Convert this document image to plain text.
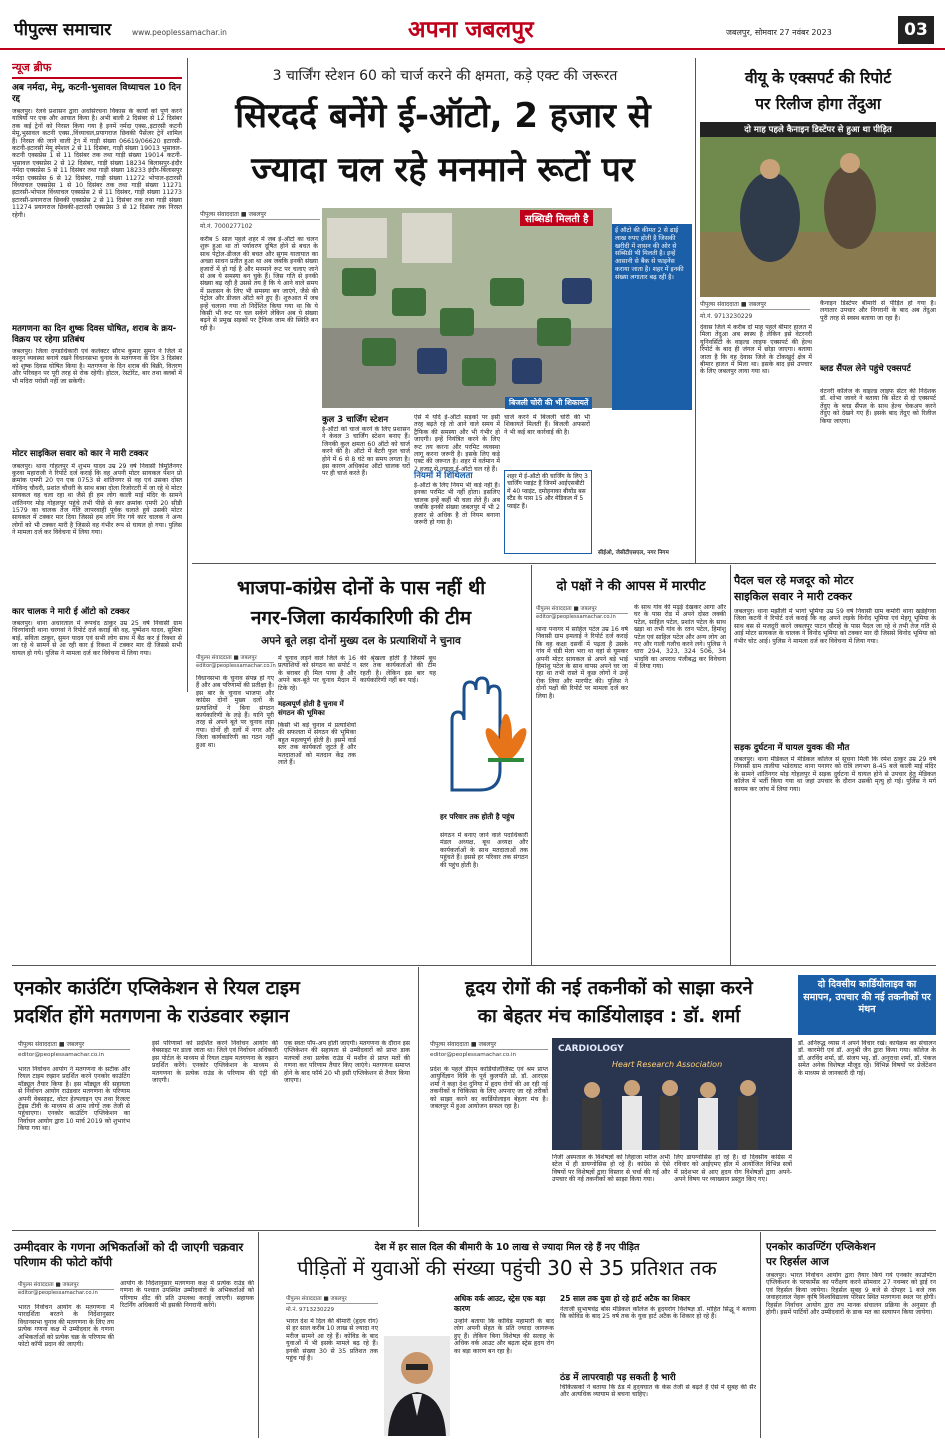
पीपुल्स समाचार	www.peoplessamachar.in	अपना जबलपुर	जबलपुर, सोमवार 27 नवंबर 2023	03
न्यूज ब्रीफ
अब नर्मदा, मेमू, कटनी-भुसावल विध्याचल 10 दिन रद्द
जबलपुर। रेलवे प्रशासन द्वारा अधोसंरचना विकास के कार्यों को पूर्ण करने यात्रियों पर एक और आघात किया है। अभी बाली 2 दिसंबर से 12 दिसंबर तक कई ट्रेनों को निरस्त किया गया है इनमें नर्मदा एक्स.,इटारसी कटनी मेमू,भुसावल कटनी एक्स.,विंध्याचल,प्रयागराज छिवकी पैसेंजर ट्रेनें शामिल हैं। निरस्त की जाने वाली ट्रेन में गाड़ी संख्या 06619/06620 इटारसी-कटनी-इटारसी मेमू स्पेशल 2 से 11 दिसंबर, गाड़ी संख्या 19013 भुसावल-कटनी एक्सप्रेस 1 से 11 दिसंबर तक तथा गाड़ी संख्या 19014 कटनी-भुसावल एक्सप्रेस 2 से 12 दिसंबर, गाड़ी संख्या 18234 बिलासपुर-इंदौर नर्मदा एक्सप्रेस 5 से 11 दिसंबर तथा गाड़ी संख्या 18233 इंदौर-बिलासपुर नर्मदा एक्सप्रेस 6 से 12 दिसंबर, गाड़ी संख्या 11272 भोपाल-इटारसी विंध्याचल एक्सप्रेस 1 से 10 दिसंबर तक तथा गाड़ी संख्या 11271 इटारसी-भोपाल विंध्याचल एक्सप्रेस 2 से 11 दिसंबर, गाड़ी संख्या 11273 इटारसी-प्रयागराज छिवकी एक्सप्रेस 2 से 11 दिसंबर तक तथा गाड़ी संख्या 11274 प्रयागराज छिवकी-इटारसी एक्सप्रेस 3 से 12 दिसंबर तक निरस्त रहेगी।
मतगणना का दिन शुष्क दिवस घोषित, शराब के क्रय-विक्रय पर रहेगा प्रतिबंध
जबलपुर। जिला दण्डाधिकारी एवं कलेक्टर सौरभ कुमार सुमन ने जिले में कानून व्यवस्था बनाये रखने विधानसभा चुनाव के मतगणना के दिन 3 दिसंबर को शुष्क दिवस घोषित किया है। मतगणना के दिन शराब की बिक्री, वितरण और परिवहन पर पूरी तरह से रोक रहेगी। होटल, रेस्टोरेंट, बार तथा क्लबों में भी मदिरा परोसी नहीं जा सकेगी।
मोटर साइकिल सवार को कार ने मारी टक्कर
जबलपुर। थाना गोहलपुर में शुभम यादव उम्र 29 वर्ष निवासी त्रिमूर्तिनगर कुरवा महाराजी ने रिपोर्ट दर्ज कराई कि वह अपनी मोटर सायकल पेशन प्रो क्रमांक एमपी 20 एन एक 0753 से शांतिनगर से वह एवं उसका दोस्त गोविन्द चौधरी, प्रशांत चौधरी के साथ बाबा दोला रिजोरटरी में जा रहे थे मोटर सायकल वह चला रहा था जैसे ही हम लोग काली माई मंदिर के सामने शांतिनगर मोड़ गोहलपुर पहुंचे तभी पीछे से कार क्रमांक एमपी 20 सीडी 1579 का चालक तेज गति लापरवाही पूर्वक चलाते हुये उसकी मोटर सायकल में टक्कर मार दिया जिससे हम लोग गिर गये कार चालक ने अन्य लोगों को भी टक्कर मारी है जिससे वह गंभीर रूप से घायल हो गया। पुलिस ने मामला दर्ज कर विवेचना में लिया गया।
कार चालक ने मारी ई ऑटो को टक्कर
जबलपुर। थाना अधारताल में रूपचंद ठाकुर उम्र 25 वर्ष निवासी ग्राम चिरगांवादी थाना चरगवां ने रिपोर्ट दर्ज कराई की वह, पुष्पेंशन यादव, सुमित्रा बाई, सविता ठाकुर, सुमन यादव एवं सभी लोग साथ में बैठ कर ई रिक्शा से जा रहे थे सामने से आ रही कार ई रिक्शा में टक्कर मार दी जिससे सभी घायल हो गये। पुलिस ने मामला दर्ज कर विवेचना में लिया गया।
3 चार्जिंग स्टेशन 60 को चार्ज करने की क्षमता, कड़े एक्ट की जरूरत
सिरदर्द बनेंगे ई-ऑटो, 2 हजार से
ज्यादा चल रहे मनमाने रूटों पर
पीपुल्स संवाददाता ■ जबलपुर
मो.नं. 7000277102
करीब 5 साल पहले शहर में जब ई-ऑटो का चलन शुरू हुआ था तो पर्यावरण दूषित होने से बचत के साथ पेट्रोल-डीजल की बचत और सुगम यातायात का अच्छा साधन प्रतीत हुआ था अब जबकि इनकी संख्या हजारों में हो गई है और मनमाने रूट पर चलाए जाने से अब ये समस्या बन चुके हैं। जिस गति से इनकी संख्या बढ़ रही है उससे तय है कि ये आने वाले समय में प्रशासन के लिए भी समस्या बन जाएंगे, जैसे की पेट्रोल और डीजल ऑटो बने हुए हैं। शुरुआत में जब इन्हें चलाना गया तो निर्देशित किया गया था कि ये किसी भी रूट पर चल सकेंगे लेकिन अब ये संख्या बढ़ने से प्रमुख सड़कों पर ट्रैफिक जाम की स्थिति बन रही है।
सब्सिडी मिलती है
ई ऑटो की कीमत 2 से ढाई लाख रुपए होती है जिसकी खरीदी में शासन की ओर से सब्सिडी भी मिलती है। इन्हें आसानी से बैंक से फाइनेंस कराया जाता है। शहर में इनकी संख्या लगातार बढ़ रही है।
बिजली चोरी की भी शिकायतें
कुल 3 चार्जिंग स्टेशन
ई-ऑटो को चार्ज करने के लिए प्रशासन ने केवल 3 चार्जिंग स्टेशन बनाए हैं। जिनकी कुल क्षमता 60 ऑटो को चार्ज करने की है। ऑटो में बैटरी फुल चार्ज होने में 6 से 8 घंटे का समय लगता है। इस कारण अधिकांश ऑटो चालक घरों पर ही चार्ज करते हैं।
ऐसे में यदि ई-ऑटो सड़कों पर इसी तरह बढ़ते रहे तो आने वाले समय में ट्रैफिक की समस्या और भी गंभीर हो जाएगी। इन्हें नियंत्रित करने के लिए रूट तय करना और परमिट व्यवस्था लागू करना जरूरी है। इसके लिए कड़े एक्ट की जरूरत है। शहर में वर्तमान में 2 हजार से ज्यादा ई-ऑटो चल रहे हैं।
चार्ज करने में बिजली चोरी की भी शिकायतें मिलती हैं। बिजली अफसरों ने भी कई बार कार्रवाई की है।
नियमों में शिथिलता
ई-ऑटो के लिए नियम भी कड़े नहीं हैं। इनका परमिट भी नहीं होता। इसलिए चालक इन्हें कहीं भी चला लेते हैं। अब जबकि इनकी संख्या जबलपुर में भी 2 हजार से अधिक है तो नियम बनाना जरूरी हो गया है।
शहर में ई-ऑटो की चार्जिंग के लिए 3 चार्जिंग प्वाइंट हैं जिनमें आईएसबीटी में 40 प्वाइंट, दमोहनाका बीयोंड बस स्टैंड के पास 15 और मेडिकल में 5 प्वाइंट हैं।
सीईओ, जेसीटीएसएल, नगर निगम
वीयू के एक्सपर्ट की रिपोर्ट
पर रिलीज होगा तेंदुआ
दो माह पहले कैनाइन डिस्टेंपर से हुआ था पीड़ित
पीपुल्स संवाददाता ■ जबलपुर
मो.नं. 9713230229
देवास जिले में करीब दो माह पहले बीमार हालत में मिला तेंदुआ अब स्वस्थ है लेकिन इसे वेटरनरी यूनिवर्सिटी के वाइल्ड लाइफ एक्सपर्ट की हेल्थ रिपोर्ट के बाद ही जंगल में छोड़ा जाएगा। बताया जाता है कि वह देवास जिले के टोंकखुर्द क्षेत्र में बीमार हालत में मिला था। इसके बाद इसे उपचार के लिए जबलपुर लाया गया था।
कैनाइन डिस्टेंपर बीमारी से पीड़ित हो गया है। लगातार उपचार और निगरानी के बाद अब तेंदुआ पूरी तरह से स्वस्थ बताया जा रहा है।
ब्लड सैंपल लेने पहुंचे एक्सपर्ट
वेटनरी कॉलेज के वाइल्ड लाइफ सेंटर की निदेशक डॉ. शोभा जावरे ने बताया कि सेंटर से दो एक्सपर्ट तेंदुए के ब्लड सैंपल के साथ हेल्थ चेकअप करने तेंदुए को देखने गए हैं। इसके बाद तेंदुए को रिलीज किया जाएगा।
भाजपा-कांग्रेस दोनों के पास नहीं थी
नगर-जिला कार्यकारिणी की टीम
अपने बूते लड़ा दोनों मुख्य दल के प्रत्याशियों ने चुनाव
पीपुल्स संवाददाता ■ जबलपुर
editor@peoplessamachar.co.in
विधानसभा के चुनाव संपन्न हो गए हैं और अब परिणामों की प्रतीक्षा है। इस बार के चुनाव भाजपा और कांग्रेस दोनों मुख्य दलों के प्रत्याशियों ने बिना संगठन कार्यकारिणी के लड़े हैं। यानि पूरी तरह से अपने बूते पर चुनाव लड़ा गया। दोनों ही दलों में नगर और जिला कार्यकारिणी का गठन नहीं हुआ था।
में चुनाव लड़ने वाले जिले के 16 प्रत्याशियों को संगठन का सपोर्ट न के बराबर ही मिल पाया है और अपने बल-बूते पर चुनाव मैदान में टिके रहे।
महत्वपूर्ण होती है चुनाव में संगठन की भूमिका
किसी भी बड़े चुनाव में प्रत्याशियों की सफलता में संगठन की भूमिका बहुत महत्वपूर्ण होती है। इसमें वार्ड स्तर तक कार्यकर्ता जुटते हैं और मतदाताओं को मतदान केंद्र तक लाते हैं।
की श्रृंखला होती है जिसमें बूथ स्तर तक कार्यकर्ताओं की टीम रहती है। लेकिन इस बार यह कार्यकारिणी नहीं बन पाई।
हर परिवार तक होती है पहुंच
संगठन में बनाए जाने वाले पदाधिकारी मंडल अध्यक्ष, बूथ अध्यक्ष और कार्यकर्ताओं के साथ मतदाताओं तक पहुंचते हैं। इससे हर परिवार तक संगठन की पहुंच होती है।
दो पक्षों ने की आपस में मारपीट
पीपुल्स संवाददाता ■ जबलपुर
editor@peoplessamachar.co.in
थाना पनागर में साहिल पटेल उम्र 16 वर्ष निवासी ग्राम इमलाई ने रिपोर्ट दर्ज कराई कि वह कक्षा दसवीं में पढ़ता है उसके गांव में चंडी मेला भरा था वहां से घूमकर अपनी मोटर सायकल से अपने बड़े भाई हिमांशु पटेल के साथ वापस अपने घर जा रहा था तभी रास्ते में कुछ लोगों ने उन्हें रोक लिया और मारपीट की। पुलिस ने दोनों पक्षों की रिपोर्ट पर मामला दर्ज कर लिया है।
के साथ गांव की मढ़ई देखकर आगा और घर के पास रोड में अपने दोस्त लक्की पटेल, साहिल पटेल, प्रशांत पटेल के साथ खड़ा था तभी गांव के रतन पटेल, हिमांशु पटेल एवं साहिल पटेल और अन्य लोग आ गए और गाली गलौच करने लगे। पुलिस ने धारा 294, 323, 324 506, 34 भादवि का अपराध पंजीबद्ध कर विवेचना में लिया गया।
पैदल चल रहे मजदूर को मोटर
साइकिल सवार ने मारी टक्कर
जबलपुर। थाना मझौली में भागो भूमिया उम्र 59 वर्ष निवासी ग्राम कमोरी थाना खडेहेंगवा जिला कटनी ने रिपोर्ट दर्ज कराई कि वह अपने लड़के विनोद भूमिया एवं मेहगू भूमिया के साथ बस से मजदूरी करने जबलपुर पाटन चौराहे के पास पैदल जा रहे थे तभी तेज गति से आई मोटर सायकल के चालक ने विनोद भूमिया को टक्कर मार दी जिससे विनोद भूमिया को गंभीर चोट आई। पुलिस ने मामला दर्ज कर विवेचना में लिया गया।
सड़क दुर्घटना में घायल युवक की मौत
जबलपुर। थाना मेडिकल में मेडिकल कॉलेज से सूचना मिली कि रमेश ठाकुर उम्र 29 वर्ष निवासी ग्राम तालीया भडेराघाट थाना पनागर को रात्रि लगभग 8-45 बजे काली माई मंदिर के सामने शांतिनगर मोड़ गोहलपुर में सड़क दुर्घटना में घायल होने से उपचार हेतु मेडिकल कॉलेज में भर्ती किया गया था जहां उपचार के दौरान उसकी मृत्यु हो गई। पुलिस ने मर्ग कायम कर जांच में लिया गया।
एनकोर काउंटिंग एप्लिकेशन से रियल टाइम
प्रदर्शित होंगे मतगणना के राउंडवार रुझान
पीपुल्स संवाददाता ■ जबलपुर
editor@peoplessamachar.co.in
भारत निर्वाचन आयोग ने मतगणना के सटीक और रियल टाइम रुझान प्रदर्शित करने एनकोर काउंटिंग मॉड्यूल तैयार किया है। इस मॉड्यूल की सहायता से निर्वाचन आयोग राउंडवार मतगणना के परिणाम अपनी वेबसाइट, वोटर हेल्पलाइन एप तथा रिजल्ट ट्रेंड्स टीवी के माध्यम से आम लोगों तक तेजी से पहुंचाएगा। एनकोर काउंटिंग एप्लिकेशन का निर्वाचन आयोग द्वारा 10 मार्च 2019 को शुभारंभ किया गया था।
इसे परिणामों को प्रदर्शित करने निर्वाचन आयोग की वेबसाइट पर डाला जाता था। जिले एवं निर्वाचन अधिकारी इस पोर्टल के माध्यम से रियल टाइम मतगणना के रुझान प्रदर्शित करेंगे। एनकोर एप्लिकेशन के माध्यम से मतगणना के प्रत्येक राउंड के परिणाम की एंट्री की जाएगी।
एक स्वतः पॉप-अप होती जाएगी। मतगणना के दौरान इस एप्लिकेशन की सहायता से उम्मीदवारों को प्राप्त डाक मतपत्रों तथा प्रत्येक राउंड में मशीन से प्राप्त मतों की गणना कर परिणाम तैयार किए जाएंगे। मतगणना समाप्त होने के बाद फॉर्म 20 भी इसी एप्लिकेशन से तैयार किया जाएगा।
हृदय रोगों की नई तकनीकों को साझा करने
का बेहतर मंच कार्डियोलाइव : डॉ. शर्मा
दो दिवसीय कार्डियोलाइव का समापन, उपचार की नई तकनीकों पर मंथन
पीपुल्स संवाददाता ■ जबलपुर
editor@peoplessamachar.co.in
CARDIOLOGY
Heart Research Association
प्रदेश के पहले डीएम कार्डियोलॉजिस्ट एवं श्रम प्राप्त आयुर्विज्ञान विवि के पूर्व कुलपति प्रो. डॉ. आरएस शर्मा ने कहा देश दुनिया में हृदय रोगों की आ रही नई तकनीकों व चिकित्सा के लिए अपनाए जा रहे तरीकों को साझा करने का कार्डियोलाइव बेहतर मंच है। जबलपुर में हुआ आयोजन सफल रहा है।
निजी अस्पताल के विशेषज्ञों को लिहाजा मरीज अभी स्टेज में ही डायग्नोसिस हो रहे हैं। कांग्रेस से ऐसे विषयों पर विशेषज्ञों द्वारा विस्तार से चर्चा की गई और उपचार की नई तकनीकों को साझा किया गया।
लिए डायग्नोसिस हो रहे हैं। दो दिवसीय कांग्रेस में रविवार को आईएमए हॉल में आयोजित विभिन्न सत्रों में प्रदेशभर से आए हृदय रोग विशेषज्ञों द्वारा अपने-अपने विषय पर व्याख्यान प्रस्तुत किए गए।
डॉ. अनिरुद्ध व्यास ने अपने विचार रखे। कार्यक्रम का संचालन डॉ. कारमेरी एवं डॉ. अनुश्री जैन द्वारा किया गया। कॉलेज के डॉ. अरविंद शर्मा, डॉ. संजय भट्ट, डॉ. अनुराधा शर्मा, डॉ. पंकज समेत अनेक विशेषज्ञ मौजूद रहे। विभिन्न विषयों पर प्रेजेंटेशन के माध्यम से जानकारी दी गई।
उम्मीदवार के गणना अभिकर्ताओं को दी जाएगी चक्रवार परिणाम की फोटो कॉपी
पीपुल्स संवाददाता ■ जबलपुर
editor@peoplessamachar.co.in
भारत निर्वाचन आयोग के मतगणना में पारदर्शिता बरतने के निर्देशानुसार विधानसभा चुनाव की मतगणना के लिए तय प्रत्येक गणना कक्ष में उम्मीदवार के गणना अभिकर्ताओं को प्रत्येक चक्र के परिणाम की फोटो कॉपी प्रदान की जाएगी।
आयोग के निर्देशानुसार मतगणना कक्ष में प्रत्येक राउंड की गणना के पश्चात उपस्थित उम्मीदवारों के अभिकर्ताओं को परिणाम शीट की प्रति उपलब्ध कराई जाएगी। सहायक रिटर्निंग अधिकारी भी इसकी निगरानी करेंगे।
देश में हर साल दिल की बीमारी के 10 लाख से ज्यादा मिल रहे हैं नए पीड़ित
पीड़ितों में युवाओं की संख्या पहुंची 30 से 35 प्रतिशत तक
पीपुल्स संवाददाता ■ जबलपुर
मो.नं. 9713230229
भारत देश में दिल की बीमारी (हृदय रोग) से हर साल करीब 10 लाख से ज्यादा नए मरीज सामने आ रहे हैं। कोविड के बाद युवाओं में भी इसके मामले बढ़ रहे हैं। इनकी संख्या 30 से 35 प्रतिशत तक पहुंच गई है।
अधिक वर्क आउट, स्ट्रेस एक बड़ा कारण
उन्होंने बताया कि कोविड महामारी के बाद लोग अपनी सेहत के प्रति ज्यादा जागरूक हुए हैं। लेकिन बिना विशेषज्ञ की सलाह के अधिक वर्क आउट और बढ़ता स्ट्रेस हृदय रोग का बड़ा कारण बन रहा है।
25 साल तक युवा हो रहे हार्ट अटैक का शिकार
नेताजी सुभाषचंद्र बोस मेडिकल कॉलेज के हृदयरोग विशेषज्ञ डॉ. मोहित सिद्धू ने बताया कि कोविड के बाद 25 वर्ष तक के युवा हार्ट अटैक के शिकार हो रहे हैं।
ठंड में लापरवाही पड़ सकती है भारी
चिकित्सकों ने बताया कि ठंड में हृदयघात के केस तेजी से बढ़ते हैं ऐसे में सुबह की सैर और अत्यधिक व्यायाम से बचना चाहिए।
एनकोर काउण्टिंग एप्लिकेशन
पर रिहर्सल आज
जबलपुर। भारत निर्वाचन आयोग द्वारा तैयार किये गये एनकोर काउण्टिंग एप्लिकेशन के परफार्मेंस का परीक्षण करने सोमवार 27 नवम्बर को ड्राई रन एवं रिहर्सल किया जायेगा। रिहर्सल सुबह 9 बजे से दोपहर 1 बजे तक जवाहरलाल नेहरू कृषि विश्वविद्यालय परिसर स्थित मतगणना स्थल पर होगी। रिहर्सल निर्वाचन आयोग द्वारा तय मानक संचालन प्रक्रिया के अनुसार ही होगी। इसमें पार्टियों और उम्मीदवारों के डाक मत का सत्यापन किया जायेगा।
